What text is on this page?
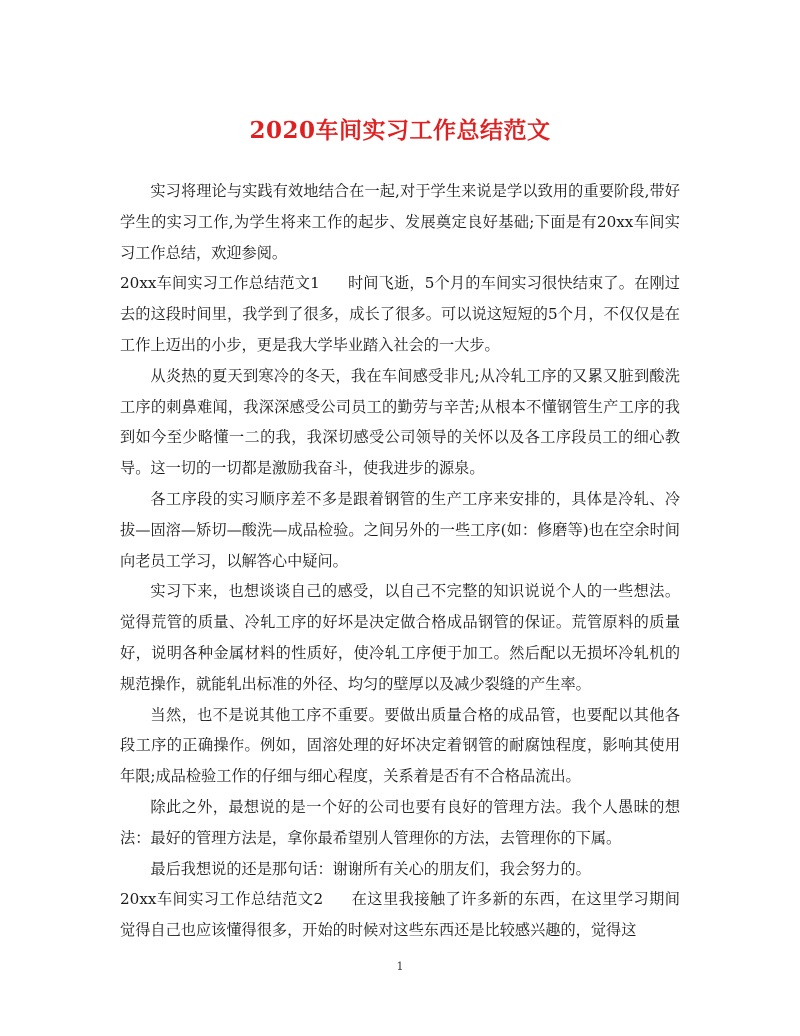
2020车间实习工作总结范文

实习将理论与实践有效地结合在一起,对于学生来说是学以致用的重要阶段,带好学生的实习工作,为学生将来工作的起步、发展奠定良好基础;下面是有20xx车间实习工作总结，欢迎参阅。

20xx车间实习工作总结范文1 时间飞逝，5个月的车间实习很快结束了。在刚过去的这段时间里，我学到了很多，成长了很多。可以说这短短的5个月，不仅仅是在工作上迈出的小步，更是我大学毕业踏入社会的一大步。

从炎热的夏天到寒冷的冬天，我在车间感受非凡;从冷轧工序的又累又脏到酸洗工序的刺鼻难闻，我深深感受公司员工的勤劳与辛苦;从根本不懂钢管生产工序的我到如今至少略懂一二的我，我深切感受公司领导的关怀以及各工序段员工的细心教导。这一切的一切都是激励我奋斗，使我进步的源泉。

各工序段的实习顺序差不多是跟着钢管的生产工序来安排的，具体是冷轧、冷拔—固溶—矫切—酸洗—成品检验。之间另外的一些工序(如：修磨等)也在空余时间向老员工学习，以解答心中疑问。

实习下来，也想谈谈自己的感受，以自己不完整的知识说说个人的一些想法。觉得荒管的质量、冷轧工序的好坏是决定做合格成品钢管的保证。荒管原料的质量好，说明各种金属材料的性质好，使冷轧工序便于加工。然后配以无损坏冷轧机的规范操作，就能轧出标准的外径、均匀的壁厚以及减少裂缝的产生率。

当然，也不是说其他工序不重要。要做出质量合格的成品管，也要配以其他各段工序的正确操作。例如，固溶处理的好坏决定着钢管的耐腐蚀程度，影响其使用年限;成品检验工作的仔细与细心程度，关系着是否有不合格品流出。

除此之外，最想说的是一个好的公司也要有良好的管理方法。我个人愚昧的想法：最好的管理方法是，拿你最希望别人管理你的方法，去管理你的下属。

最后我想说的还是那句话：谢谢所有关心的朋友们，我会努力的。

20xx车间实习工作总结范文2 在这里我接触了许多新的东西，在这里学习期间觉得自己也应该懂得很多，开始的时候对这些东西还是比较感兴趣的，觉得这

1
